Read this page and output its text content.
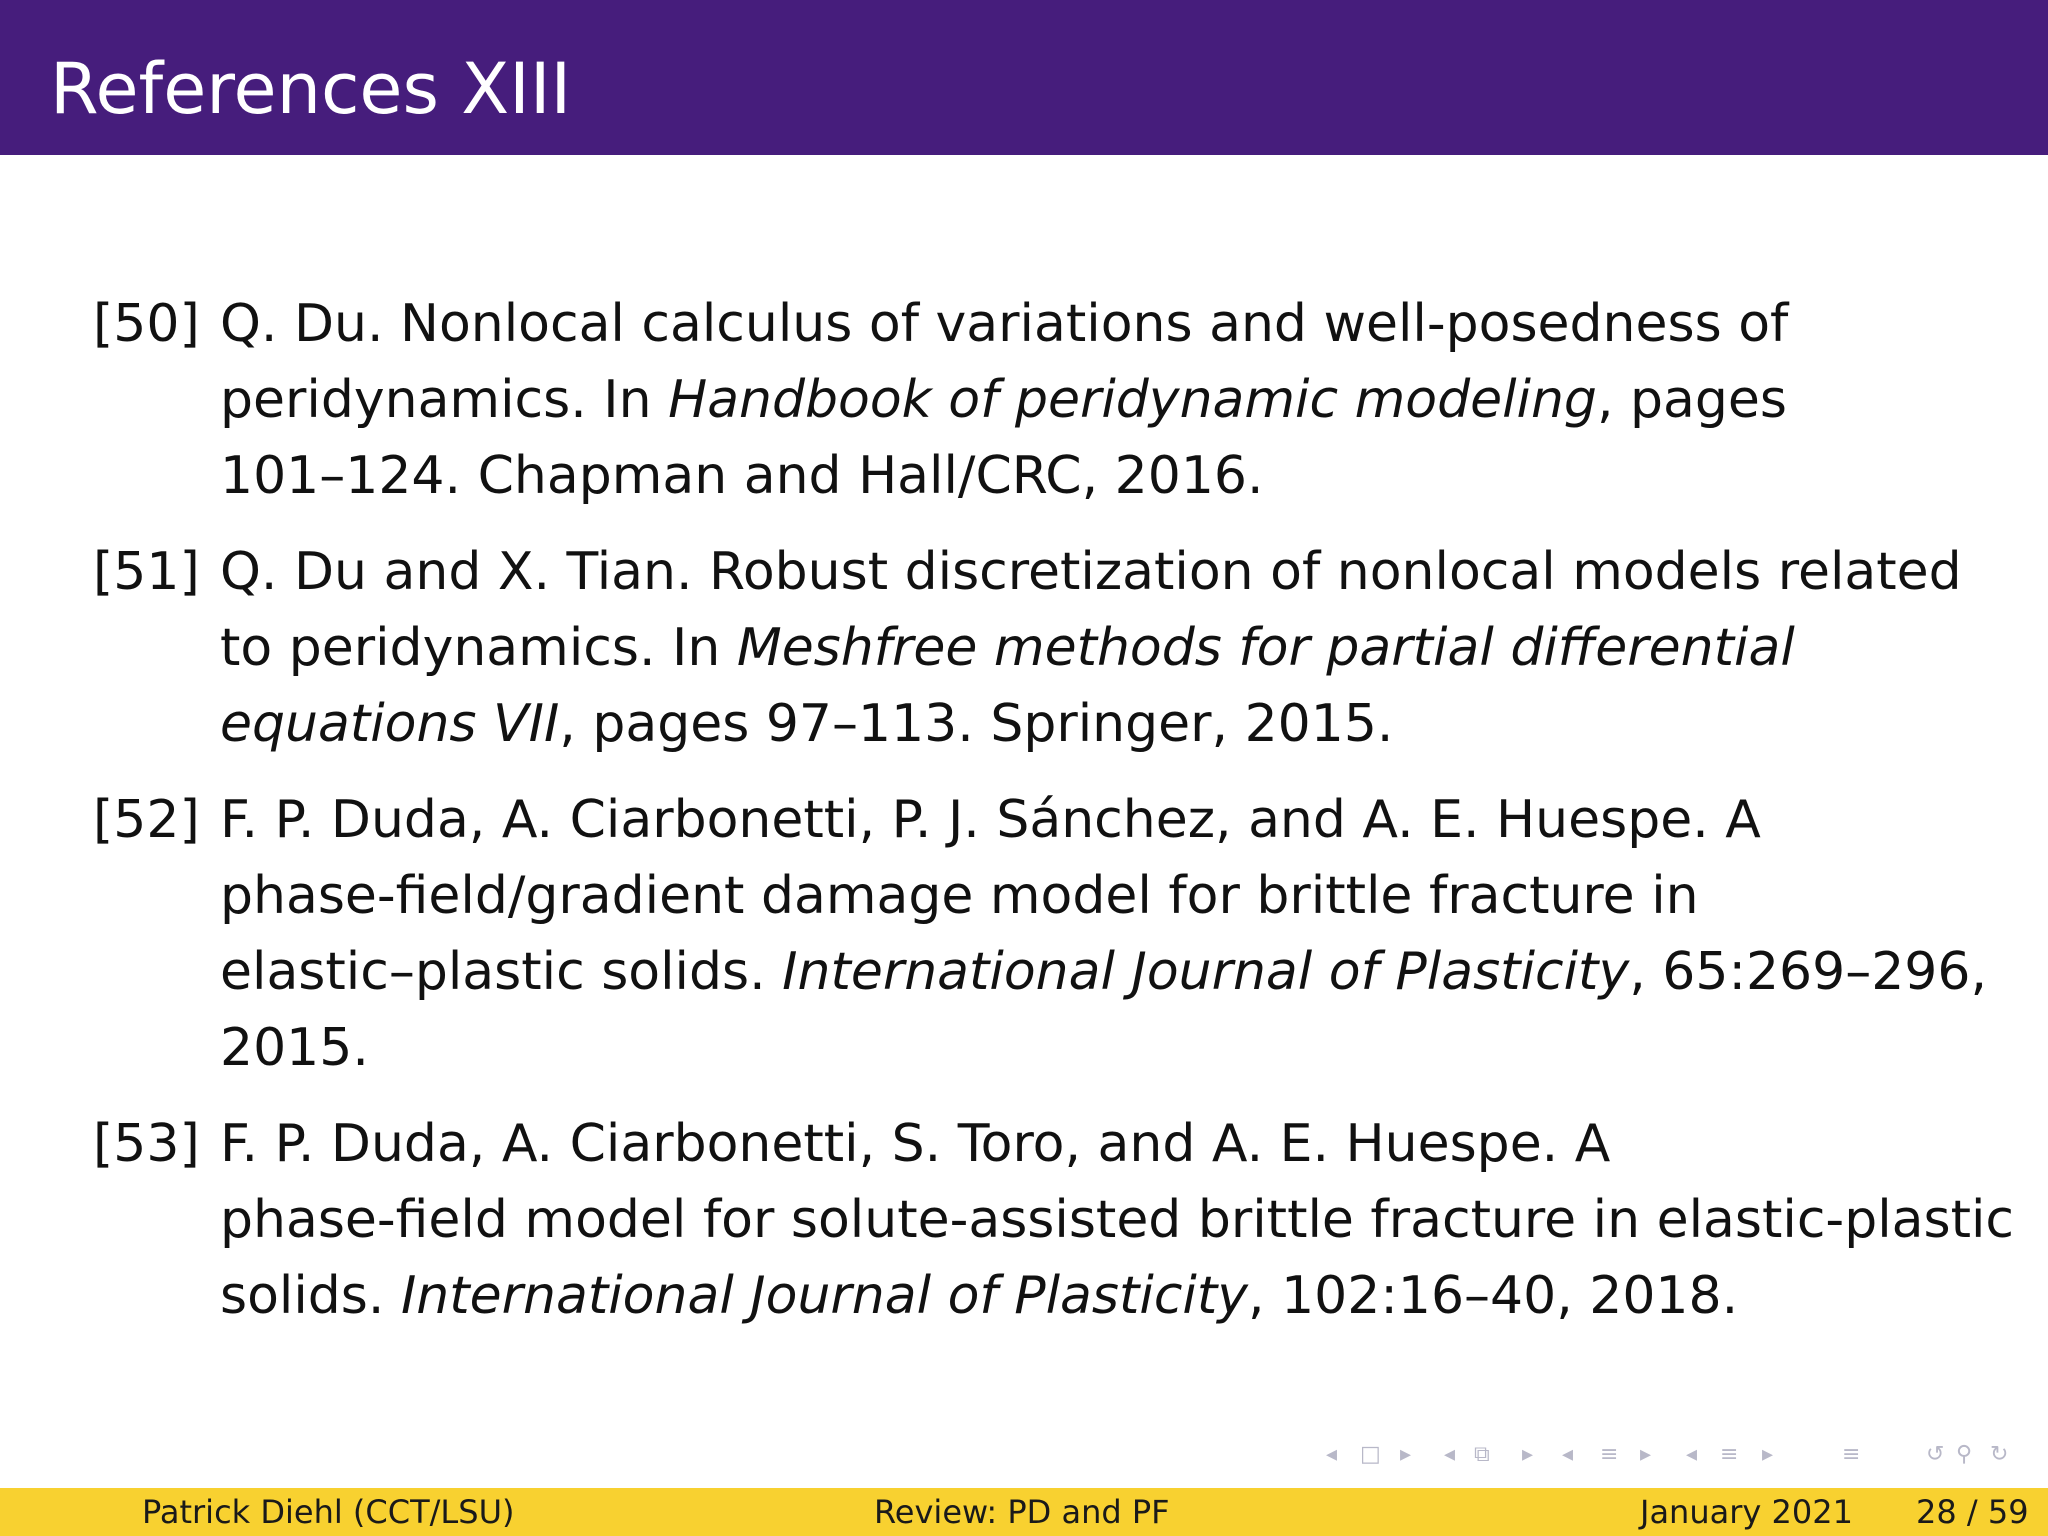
References XIII
[50] Q. Du. Nonlocal calculus of variations and well-posedness of
peridynamics. In Handbook of peridynamic modeling, pages
101–124. Chapman and Hall/CRC, 2016.
[51] Q. Du and X. Tian. Robust discretization of nonlocal models related
to peridynamics. In Meshfree methods for partial differential
equations VII, pages 97–113. Springer, 2015.
[52] F. P. Duda, A. Ciarbonetti, P. J. Sánchez, and A. E. Huespe. A
phase-field/gradient damage model for brittle fracture in
elastic–plastic solids. International Journal of Plasticity, 65:269–296,
2015.
[53] F. P. Duda, A. Ciarbonetti, S. Toro, and A. E. Huespe. A
phase-field model for solute-assisted brittle fracture in elastic-plastic
solids. International Journal of Plasticity, 102:16–40, 2018.
◂ □ ▸ ◂ ⧉ ▸ ◂ ≡ ▸ ◂ ≡ ▸	≡	↺ ⚲ ↻
Patrick Diehl (CCT/LSU)	Review: PD and PF	January 2021 28 / 59
